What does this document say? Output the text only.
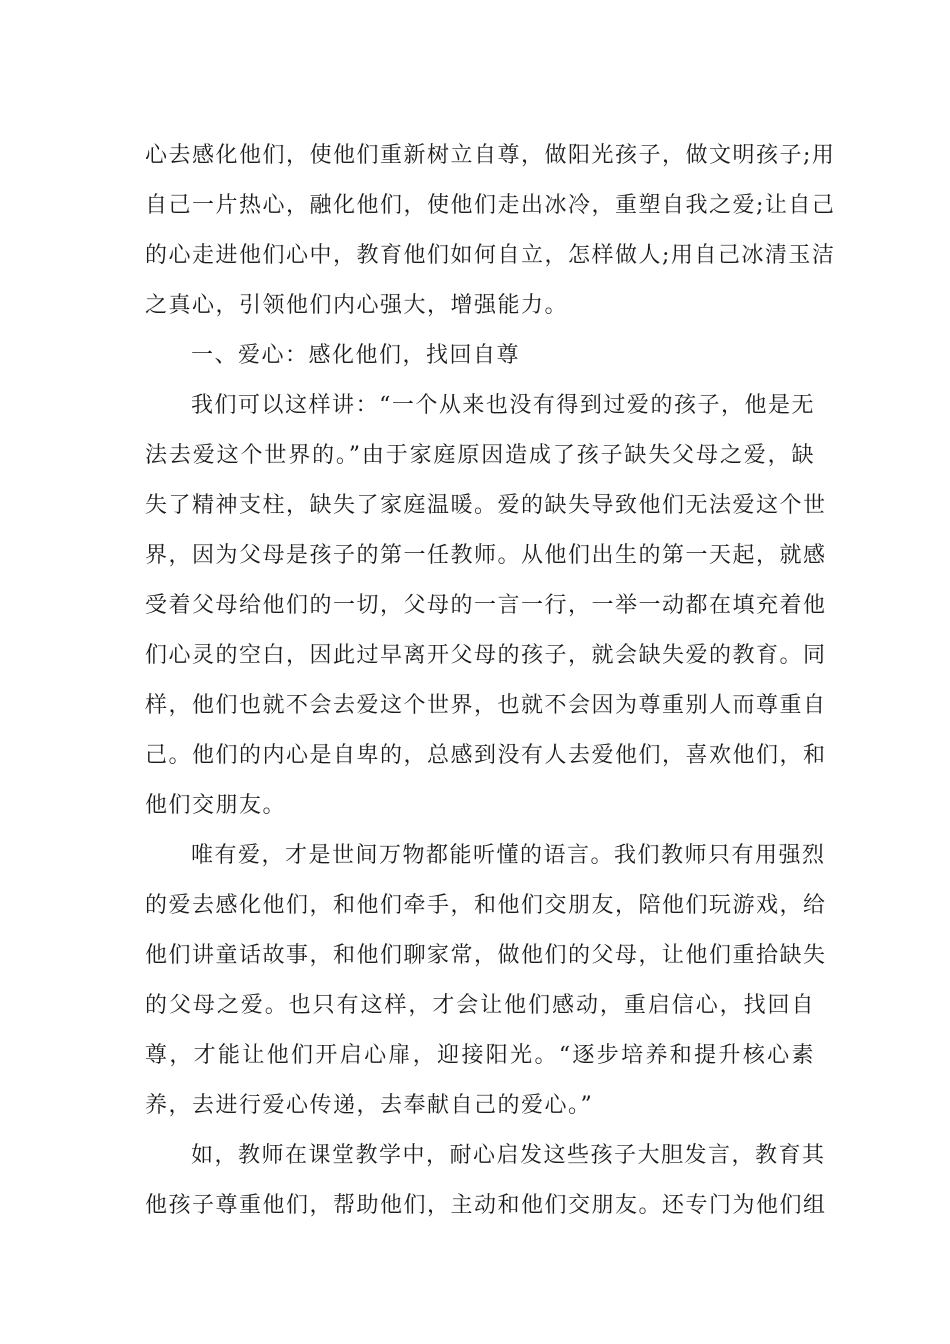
心去感化他们，使他们重新树立自尊，做阳光孩子，做文明孩子;用
自己一片热心，融化他们，使他们走出冰冷，重塑自我之爱;让自己
的心走进他们心中，教育他们如何自立，怎样做人;用自己冰清玉洁
之真心，引领他们内心强大，增强能力。
一、爱心：感化他们，找回自尊
我们可以这样讲：“一个从来也没有得到过爱的孩子，他是无
法去爱这个世界的。”由于家庭原因造成了孩子缺失父母之爱，缺
失了精神支柱，缺失了家庭温暖。爱的缺失导致他们无法爱这个世
界，因为父母是孩子的第一任教师。从他们出生的第一天起，就感
受着父母给他们的一切，父母的一言一行，一举一动都在填充着他
们心灵的空白，因此过早离开父母的孩子，就会缺失爱的教育。同
样，他们也就不会去爱这个世界，也就不会因为尊重别人而尊重自
己。他们的内心是自卑的，总感到没有人去爱他们，喜欢他们，和
他们交朋友。
唯有爱，才是世间万物都能听懂的语言。我们教师只有用强烈
的爱去感化他们，和他们牵手，和他们交朋友，陪他们玩游戏，给
他们讲童话故事，和他们聊家常，做他们的父母，让他们重拾缺失
的父母之爱。也只有这样，才会让他们感动，重启信心，找回自
尊，才能让他们开启心扉，迎接阳光。“逐步培养和提升核心素
养，去进行爱心传递，去奉献自己的爱心。”
如，教师在课堂教学中，耐心启发这些孩子大胆发言，教育其
他孩子尊重他们，帮助他们，主动和他们交朋友。还专门为他们组
